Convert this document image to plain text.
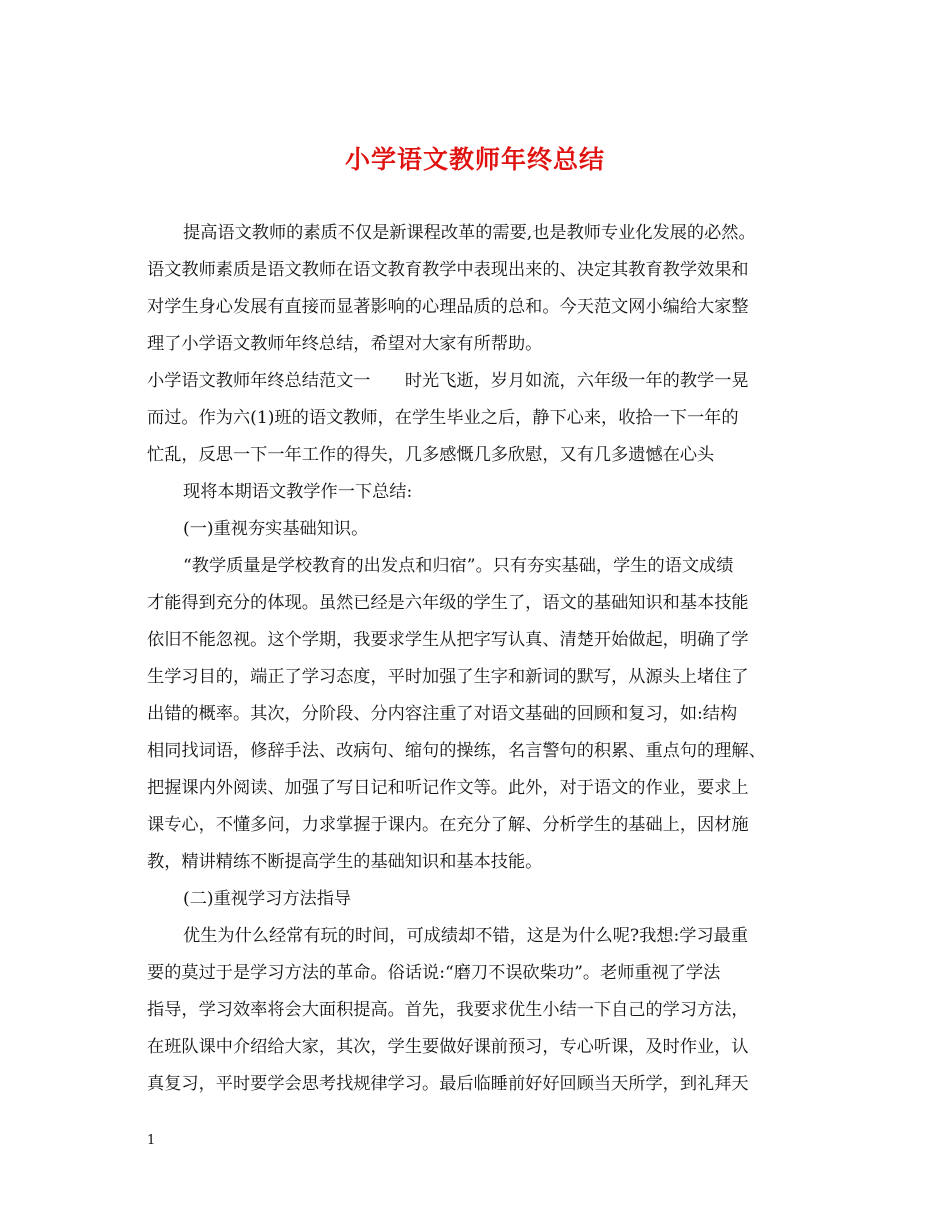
小学语文教师年终总结
提高语文教师的素质不仅是新课程改革的需要,也是教师专业化发展的必然。
语文教师素质是语文教师在语文教育教学中表现出来的、决定其教育教学效果和
对学生身心发展有直接而显著影响的心理品质的总和。今天范文网小编给大家整
理了小学语文教师年终总结，希望对大家有所帮助。
小学语文教师年终总结范文一　　时光飞逝，岁月如流，六年级一年的教学一晃
而过。作为六(1)班的语文教师，在学生毕业之后，静下心来，收拾一下一年的
忙乱，反思一下一年工作的得失，几多感慨几多欣慰，又有几多遗憾在心头
现将本期语文教学作一下总结:
(一)重视夯实基础知识。
“教学质量是学校教育的出发点和归宿”。只有夯实基础，学生的语文成绩
才能得到充分的体现。虽然已经是六年级的学生了，语文的基础知识和基本技能
依旧不能忽视。这个学期，我要求学生从把字写认真、清楚开始做起，明确了学
生学习目的，端正了学习态度，平时加强了生字和新词的默写，从源头上堵住了
出错的概率。其次，分阶段、分内容注重了对语文基础的回顾和复习，如:结构
相同找词语，修辞手法、改病句、缩句的操练，名言警句的积累、重点句的理解、
把握课内外阅读、加强了写日记和听记作文等。此外，对于语文的作业，要求上
课专心，不懂多问，力求掌握于课内。在充分了解、分析学生的基础上，因材施
教，精讲精练不断提高学生的基础知识和基本技能。
(二)重视学习方法指导
优生为什么经常有玩的时间，可成绩却不错，这是为什么呢?我想:学习最重
要的莫过于是学习方法的革命。俗话说:“磨刀不误砍柴功”。老师重视了学法
指导，学习效率将会大面积提高。首先，我要求优生小结一下自己的学习方法，
在班队课中介绍给大家，其次，学生要做好课前预习，专心听课，及时作业，认
真复习，平时要学会思考找规律学习。最后临睡前好好回顾当天所学，到礼拜天
1
